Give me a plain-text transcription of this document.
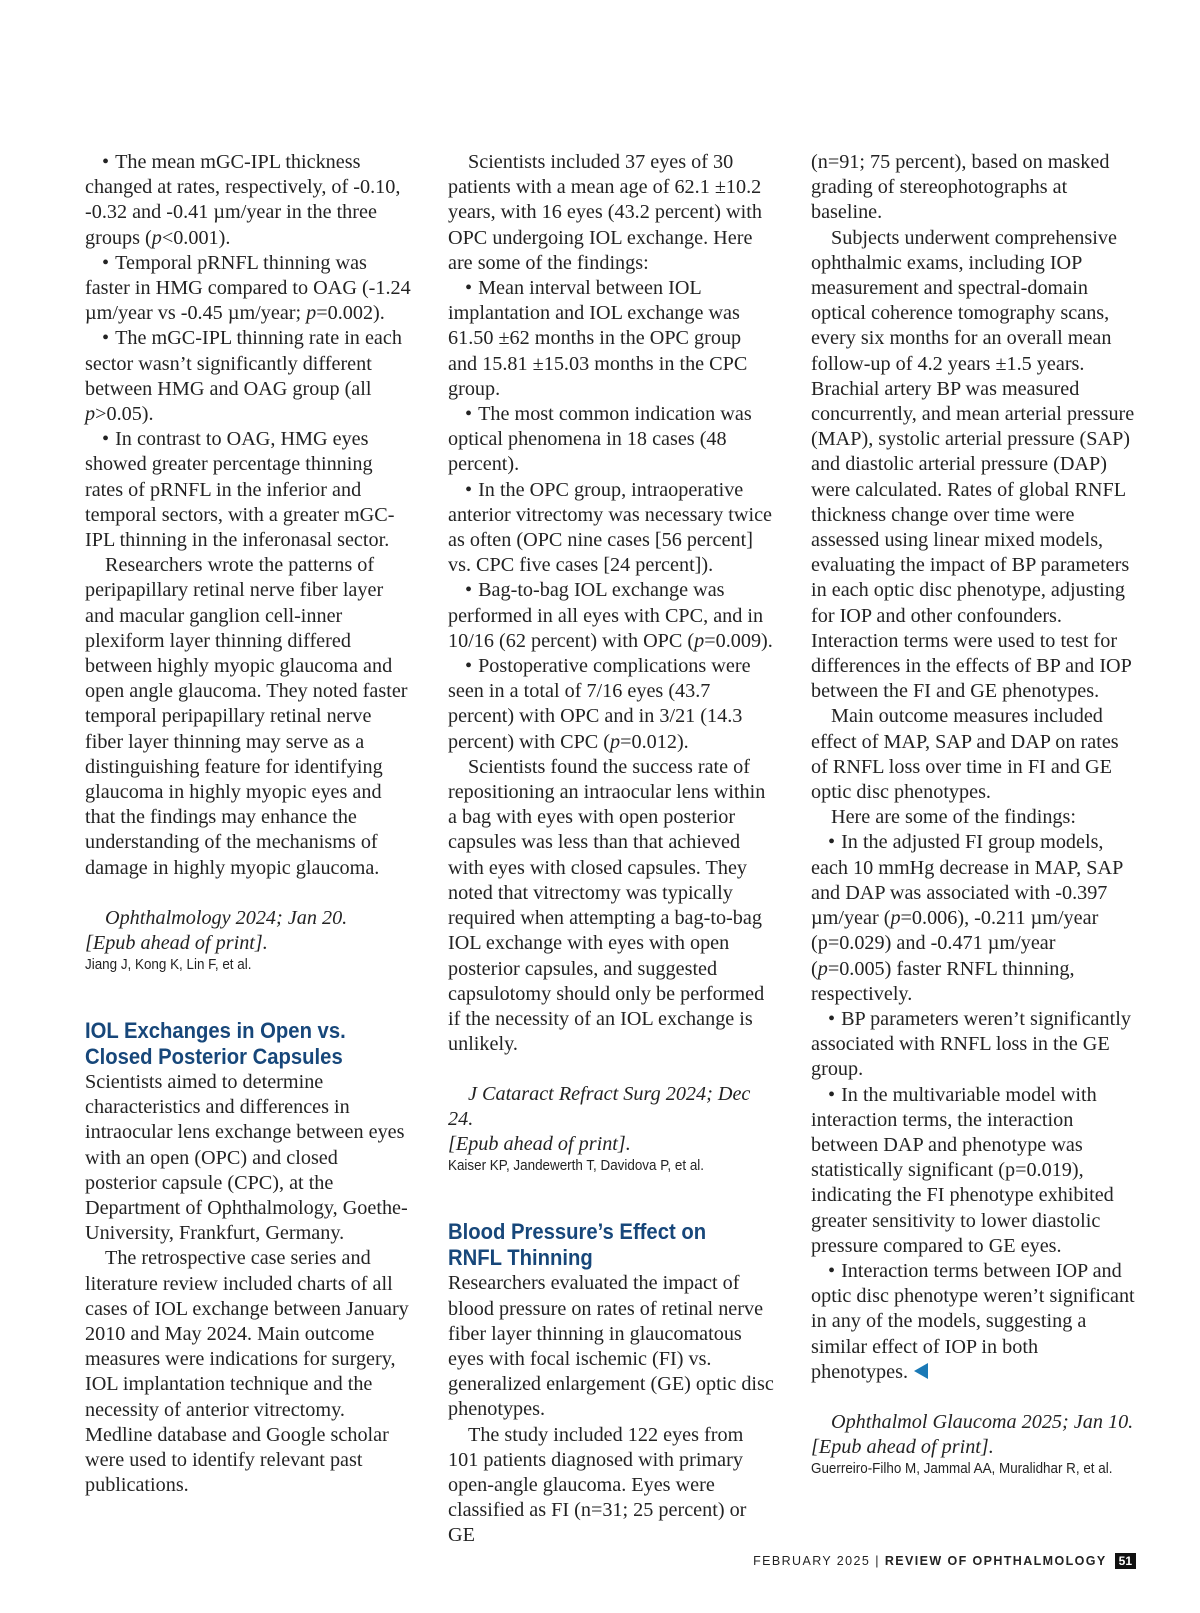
• The mean mGC-IPL thickness changed at rates, respectively, of -0.10, -0.32 and -0.41 µm/year in the three groups (p<0.001).

• Temporal pRNFL thinning was faster in HMG compared to OAG (-1.24 µm/year vs -0.45 µm/year; p=0.002).

• The mGC-IPL thinning rate in each sector wasn’t significantly different between HMG and OAG group (all p>0.05).

• In contrast to OAG, HMG eyes showed greater percentage thinning rates of pRNFL in the inferior and temporal sectors, with a greater mGC-IPL thinning in the inferonasal sector.

Researchers wrote the patterns of peripapillary retinal nerve fiber layer and macular ganglion cell-inner plexiform layer thinning differed between highly myopic glaucoma and open angle glaucoma. They noted faster temporal peripapillary retinal nerve fiber layer thinning may serve as a distinguishing feature for identifying glaucoma in highly myopic eyes and that the findings may enhance the understanding of the mechanisms of damage in highly myopic glaucoma.

Ophthalmology 2024; Jan 20.

[Epub ahead of print].

Jiang J, Kong K, Lin F, et al.

IOL Exchanges in Open vs.
Closed Posterior Capsules

Scientists aimed to determine characteristics and differences in intraocular lens exchange between eyes with an open (OPC) and closed posterior capsule (CPC), at the Department of Ophthalmology, Goethe-University, Frankfurt, Germany.

The retrospective case series and literature review included charts of all cases of IOL exchange between January 2010 and May 2024. Main outcome measures were indications for surgery, IOL implantation technique and the necessity of anterior vitrectomy. Medline database and Google scholar were used to identify relevant past publications.

Scientists included 37 eyes of 30 patients with a mean age of 62.1 ±10.2 years, with 16 eyes (43.2 percent) with OPC undergoing IOL exchange. Here are some of the findings:

• Mean interval between IOL implantation and IOL exchange was 61.50 ±62 months in the OPC group and 15.81 ±15.03 months in the CPC group.

• The most common indication was optical phenomena in 18 cases (48 percent).

• In the OPC group, intraoperative anterior vitrectomy was necessary twice as often (OPC nine cases [56 percent] vs. CPC five cases [24 percent]).

• Bag-to-bag IOL exchange was performed in all eyes with CPC, and in 10/16 (62 percent) with OPC (p=0.009).

• Postoperative complications were seen in a total of 7/16 eyes (43.7 percent) with OPC and in 3/21 (14.3 percent) with CPC (p=0.012).

Scientists found the success rate of repositioning an intraocular lens within a bag with eyes with open posterior capsules was less than that achieved with eyes with closed capsules. They noted that vitrectomy was typically required when attempting a bag-to-bag IOL exchange with eyes with open posterior capsules, and suggested capsulotomy should only be performed if the necessity of an IOL exchange is unlikely.

J Cataract Refract Surg 2024; Dec 24.

[Epub ahead of print].

Kaiser KP, Jandewerth T, Davidova P, et al.

Blood Pressure’s Effect on
RNFL Thinning

Researchers evaluated the impact of blood pressure on rates of retinal nerve fiber layer thinning in glaucomatous eyes with focal ischemic (FI) vs. generalized enlargement (GE) optic disc phenotypes.

The study included 122 eyes from 101 patients diagnosed with primary open-angle glaucoma. Eyes were classified as FI (n=31; 25 percent) or GE

(n=91; 75 percent), based on masked grading of stereophotographs at baseline.

Subjects underwent comprehensive ophthalmic exams, including IOP measurement and spectral-domain optical coherence tomography scans, every six months for an overall mean follow-up of 4.2 years ±1.5 years. Brachial artery BP was measured concurrently, and mean arterial pressure (MAP), systolic arterial pressure (SAP) and diastolic arterial pressure (DAP) were calculated. Rates of global RNFL thickness change over time were assessed using linear mixed models, evaluating the impact of BP parameters in each optic disc phenotype, adjusting for IOP and other confounders. Interaction terms were used to test for differences in the effects of BP and IOP between the FI and GE phenotypes.

Main outcome measures included effect of MAP, SAP and DAP on rates of RNFL loss over time in FI and GE optic disc phenotypes.

Here are some of the findings:

• In the adjusted FI group models, each 10 mmHg decrease in MAP, SAP and DAP was associated with -0.397 µm/year (p=0.006), -0.211 µm/year (p=0.029) and -0.471 µm/year (p=0.005) faster RNFL thinning, respectively.

• BP parameters weren’t significantly associated with RNFL loss in the GE group.

• In the multivariable model with interaction terms, the interaction between DAP and phenotype was statistically significant (p=0.019), indicating the FI phenotype exhibited greater sensitivity to lower diastolic pressure compared to GE eyes.

• Interaction terms between IOP and optic disc phenotype weren’t significant in any of the models, suggesting a similar effect of IOP in both phenotypes.

Ophthalmol Glaucoma 2025; Jan 10.

[Epub ahead of print].

Guerreiro-Filho M, Jammal AA, Muralidhar R, et al.

FEBRUARY 2025 | REVIEW OF OPHTHALMOLOGY	51
